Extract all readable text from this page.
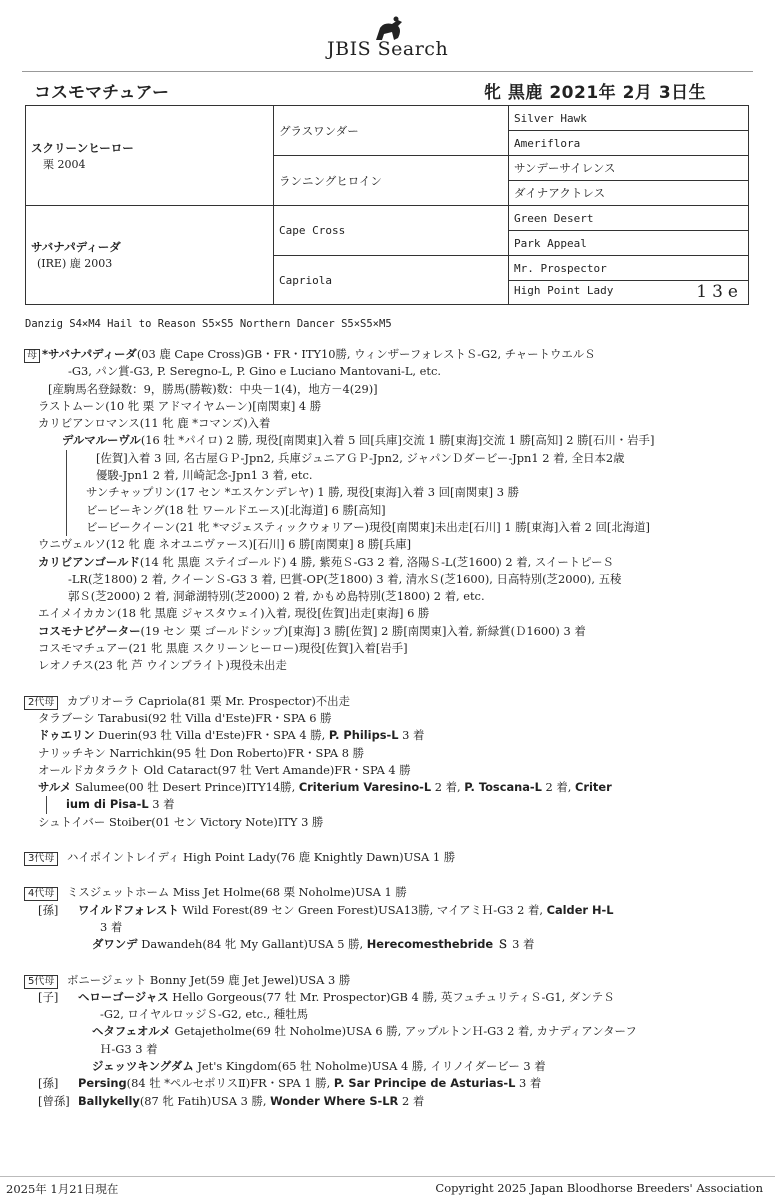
JBIS Search
コスモマチュアー	牝 黒鹿 2021年 2月 3日生
スクリーンヒーロー
栗 2004	グラスワンダー	Silver Hawk
		Ameriflora
	ランニングヒロイン	サンデーサイレンス
		ダイナアクトレス

サバナパディーダ
(IRE) 鹿 2003	Cape Cross	Green Desert
		Park Appeal
	Capriola	Mr. Prospector
		High Point Lady 13e
Danzig S4×M4 Hail to Reason S5×S5 Northern Dancer S5×S5×M5
母 *サバナパディーダ(03 鹿 Cape Cross)GB・FR・ITY10勝, ウィンザーフォレストＳ-G2, チャートウエルＳ
-G3, パン賞-G3, P. Seregno-L, P. Gino e Luciano Mantovani-L, etc.
[産駒馬名登録数：9，勝馬(勝鞍)数：中央－1(4)，地方－4(29)]
ラストムーン(10 牝 栗 アドマイヤムーン)[南関東] 4 勝
カリビアンロマンス(11 牝 鹿 *コマンズ)入着
デルマルーヴル(16 牡 *パイロ) 2 勝, 現役[南関東]入着 5 回[兵庫]交流 1 勝[東海]交流 1 勝[高知] 2 勝[石川・岩手]
[佐賀]入着 3 回, 名古屋ＧＰ-Jpn2, 兵庫ジュニアＧＰ-Jpn2, ジャパンＤダービー-Jpn1 2 着, 全日本2歳
優駿-Jpn1 2 着, 川崎記念-Jpn1 3 着, etc.
サンチャップリン(17 セン *エスケンデレヤ) 1 勝, 現役[東海]入着 3 回[南関東] 3 勝
ビービーキング(18 牡 ワールドエース)[北海道] 6 勝[高知]
ビービークイーン(21 牝 *マジェスティックウォリアー)現役[南関東]未出走[石川] 1 勝[東海]入着 2 回[北海道]
ウニヴェルソ(12 牝 鹿 ネオユニヴァース)[石川] 6 勝[南関東] 8 勝[兵庫]
カリビアンゴールド(14 牝 黒鹿 ステイゴールド) 4 勝, 紫苑Ｓ-G3 2 着, 洛陽Ｓ-L(芝1600) 2 着, スイートピーＳ
-LR(芝1800) 2 着, クイーンＳ-G3 3 着, 巴賞-OP(芝1800) 3 着, 清水Ｓ(芝1600), 日高特別(芝2000), 五稜
郭Ｓ(芝2000) 2 着, 洞爺湖特別(芝2000) 2 着, かもめ島特別(芝1800) 2 着, etc.
エイメイカカン(18 牝 黒鹿 ジャスタウェイ)入着, 現役[佐賀]出走[東海] 6 勝
コスモナビゲーター(19 セン 栗 ゴールドシップ)[東海] 3 勝[佐賀] 2 勝[南関東]入着, 新緑賞(Ｄ1600) 3 着
コスモマチュアー(21 牝 黒鹿 スクリーンヒーロー)現役[佐賀]入着[岩手]
レオノチス(23 牝 芦 ウインブライト)現役未出走
2代母 カプリオーラ Capriola(81 栗 Mr. Prospector)不出走
タラブーシ Tarabusi(92 牡 Villa d'Este)FR・SPA 6 勝
ドゥエリン Duerin(93 牡 Villa d'Este)FR・SPA 4 勝, P. Philips-L 3 着
ナリッチキン Narrichkin(95 牡 Don Roberto)FR・SPA 8 勝
オールドカタラクト Old Cataract(97 牡 Vert Amande)FR・SPA 4 勝
サルメ Salumee(00 牡 Desert Prince)ITY14勝, Criterium Varesino-L 2 着, P. Toscana-L 2 着, Criter
ium di Pisa-L 3 着
シュトイバー Stoiber(01 セン Victory Note)ITY 3 勝
3代母 ハイポイントレイディ High Point Lady(76 鹿 Knightly Dawn)USA 1 勝
4代母 ミスジェットホーム Miss Jet Holme(68 栗 Noholme)USA 1 勝
[孫] ワイルドフォレスト Wild Forest(89 セン Green Forest)USA13勝, マイアミＨ-G3 2 着, Calder H-L
3 着
ダワンデ Dawandeh(84 牝 My Gallant)USA 5 勝, Herecomesthebride Ｓ 3 着
5代母 ボニージェット Bonny Jet(59 鹿 Jet Jewel)USA 3 勝
[子] ヘローゴージャス Hello Gorgeous(77 牡 Mr. Prospector)GB 4 勝, 英フュチュリティＳ-G1, ダンテＳ
-G2, ロイヤルロッジＳ-G2, etc., 種牡馬
ヘタフェオルメ Getajetholme(69 牡 Noholme)USA 6 勝, アップルトンＨ-G3 2 着, カナディアンターフ
Ｈ-G3 3 着
ジェッツキングダム Jet's Kingdom(65 牡 Noholme)USA 4 勝, イリノイダービー 3 着
[孫] Persing(84 牡 *ペルセポリスⅡ)FR・SPA 1 勝, P. Sar Principe de Asturias-L 3 着
[曾孫] Ballykelly(87 牝 Fatih)USA 3 勝, Wonder Where S-LR 2 着
2025年 1月21日現在	Copyright 2025 Japan Bloodhorse Breeders' Association
